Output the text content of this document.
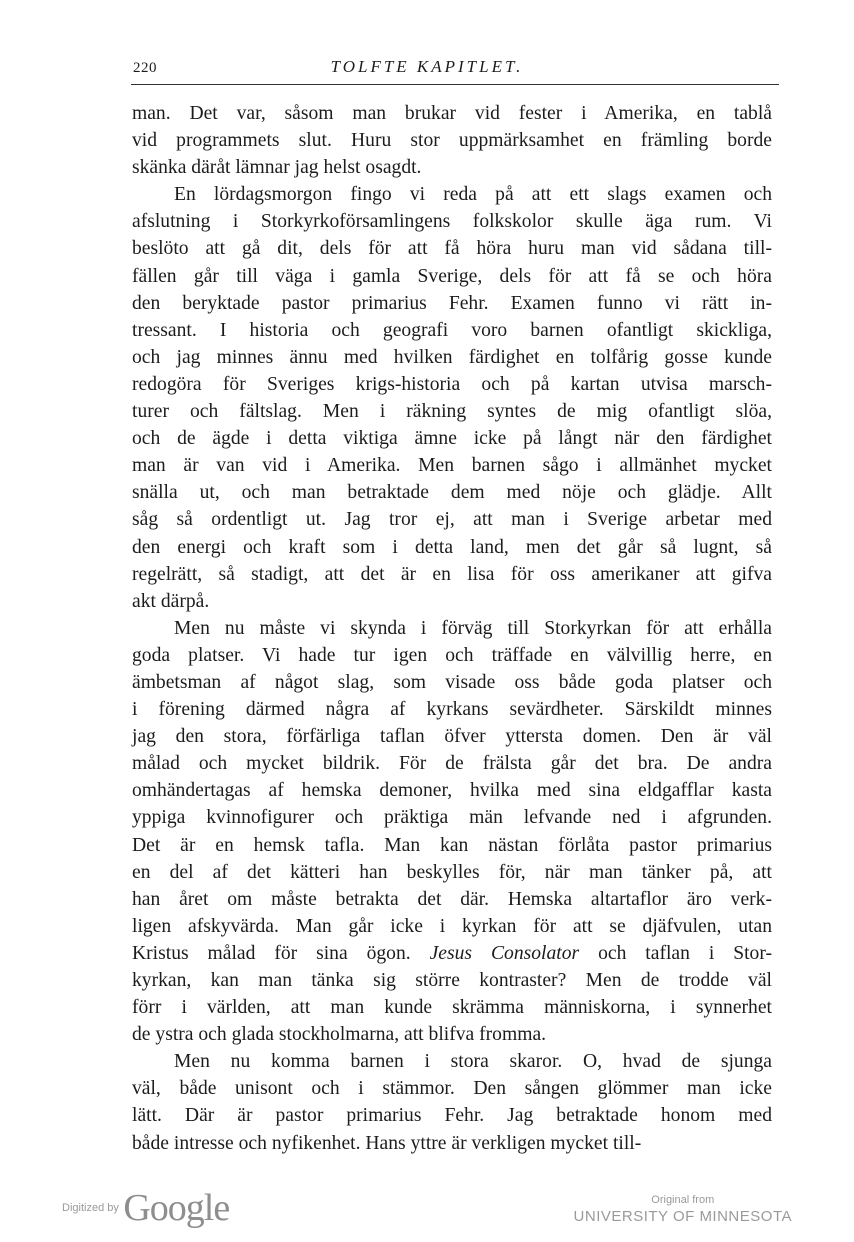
220	TOLFTE KAPITLET.
man. Det var, såsom man brukar vid fester i Amerika, en tablå
vid programmets slut. Huru stor uppmärksamhet en främling borde
skänka däråt lämnar jag helst osagdt.
En lördagsmorgon fingo vi reda på att ett slags examen och
afslutning i Storkyrkoförsamlingens folkskolor skulle äga rum. Vi
beslöto att gå dit, dels för att få höra huru man vid sådana till-
fällen går till väga i gamla Sverige, dels för att få se och höra
den beryktade pastor primarius Fehr. Examen funno vi rätt in-
tressant. I historia och geografi voro barnen ofantligt skickliga,
och jag minnes ännu med hvilken färdighet en tolfårig gosse kunde
redogöra för Sveriges krigs-historia och på kartan utvisa marsch-
turer och fältslag. Men i räkning syntes de mig ofantligt slöa,
och de ägde i detta viktiga ämne icke på långt när den färdighet
man är van vid i Amerika. Men barnen sågo i allmänhet mycket
snälla ut, och man betraktade dem med nöje och glädje. Allt
såg så ordentligt ut. Jag tror ej, att man i Sverige arbetar med
den energi och kraft som i detta land, men det går så lugnt, så
regelrätt, så stadigt, att det är en lisa för oss amerikaner att gifva
akt därpå.
Men nu måste vi skynda i förväg till Storkyrkan för att erhålla
goda platser. Vi hade tur igen och träffade en välvillig herre, en
ämbetsman af något slag, som visade oss både goda platser och
i förening därmed några af kyrkans sevärdheter. Särskildt minnes
jag den stora, förfärliga taflan öfver yttersta domen. Den är väl
målad och mycket bildrik. För de frälsta går det bra. De andra
omhändertagas af hemska demoner, hvilka med sina eldgafflar kasta
yppiga kvinnofigurer och präktiga män lefvande ned i afgrunden.
Det är en hemsk tafla. Man kan nästan förlåta pastor primarius
en del af det kätteri han beskylles för, när man tänker på, att
han året om måste betrakta det där. Hemska altartaflor äro verk-
ligen afskyvärda. Man går icke i kyrkan för att se djäfvulen, utan
Kristus målad för sina ögon. Jesus Consolator och taflan i Stor-
kyrkan, kan man tänka sig större kontraster? Men de trodde väl
förr i världen, att man kunde skrämma människorna, i synnerhet
de ystra och glada stockholmarna, att blifva fromma.
Men nu komma barnen i stora skaror. O, hvad de sjunga
väl, både unisont och i stämmor. Den sången glömmer man icke
lätt. Där är pastor primarius Fehr. Jag betraktade honom med
både intresse och nyfikenhet. Hans yttre är verkligen mycket till-
Digitized by Google	Original from
UNIVERSITY OF MINNESOTA
